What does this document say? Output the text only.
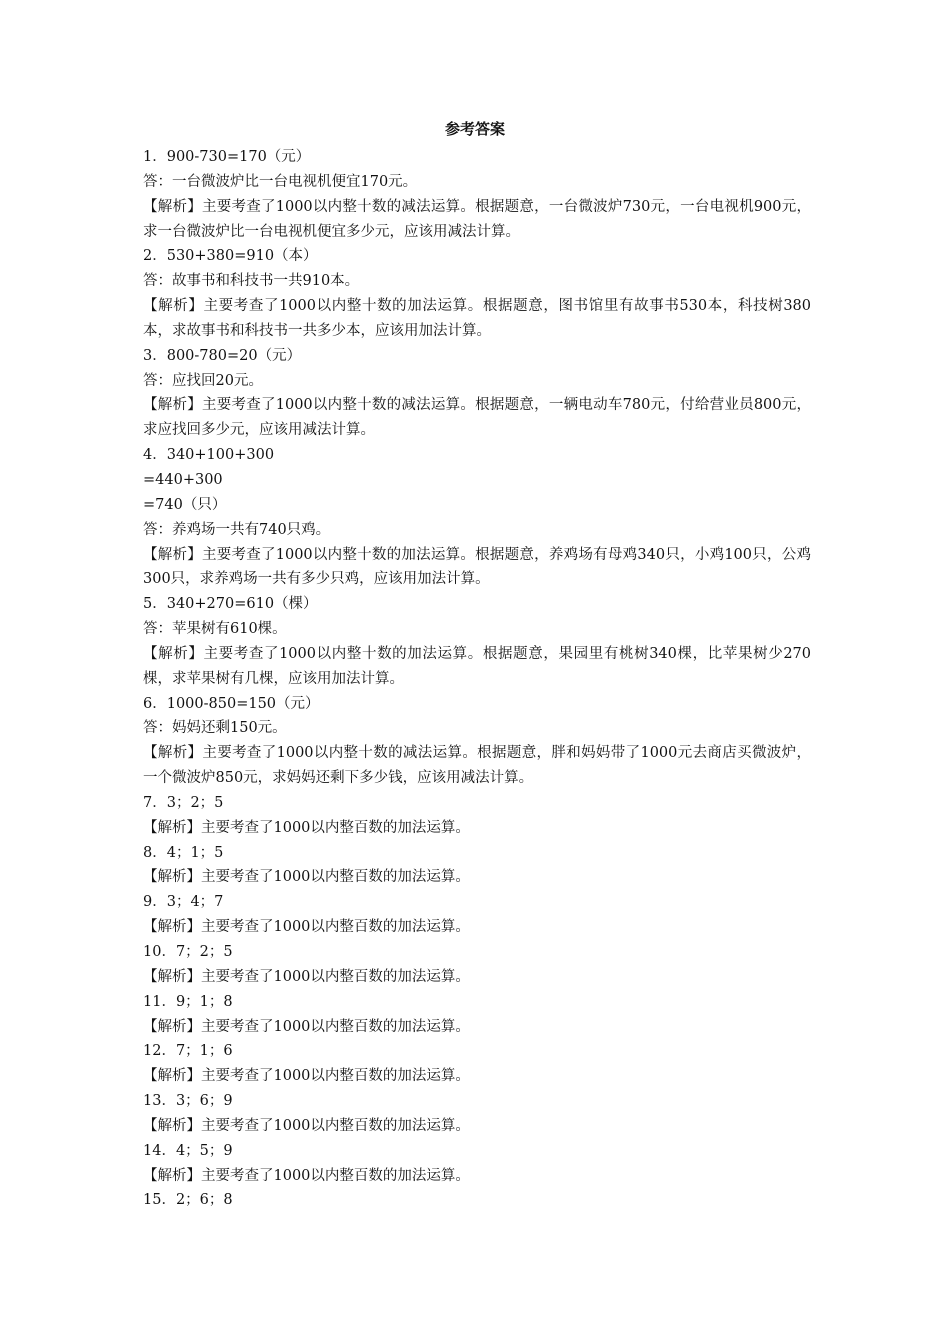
参考答案
1．900-730=170（元）
答：一台微波炉比一台电视机便宜170元。
【解析】主要考查了1000以内整十数的减法运算。根据题意，一台微波炉730元，一台电视机900元，求一台微波炉比一台电视机便宜多少元，应该用减法计算。
2．530+380=910（本）
答：故事书和科技书一共910本。
【解析】主要考查了1000以内整十数的加法运算。根据题意，图书馆里有故事书530本，科技树380本，求故事书和科技书一共多少本，应该用加法计算。
3．800-780=20（元）
答：应找回20元。
【解析】主要考查了1000以内整十数的减法运算。根据题意，一辆电动车780元，付给营业员800元，求应找回多少元，应该用减法计算。
4．340+100+300
=440+300
=740（只）
答：养鸡场一共有740只鸡。
【解析】主要考查了1000以内整十数的加法运算。根据题意，养鸡场有母鸡340只，小鸡100只，公鸡300只，求养鸡场一共有多少只鸡，应该用加法计算。
5．340+270=610（棵）
答：苹果树有610棵。
【解析】主要考查了1000以内整十数的加法运算。根据题意，果园里有桃树340棵，比苹果树少270棵，求苹果树有几棵，应该用加法计算。
6．1000-850=150（元）
答：妈妈还剩150元。
【解析】主要考查了1000以内整十数的减法运算。根据题意，胖和妈妈带了1000元去商店买微波炉，一个微波炉850元，求妈妈还剩下多少钱，应该用减法计算。
7．3；2；5
【解析】主要考查了1000以内整百数的加法运算。
8．4；1；5
【解析】主要考查了1000以内整百数的加法运算。
9．3；4；7
【解析】主要考查了1000以内整百数的加法运算。
10．7；2；5
【解析】主要考查了1000以内整百数的加法运算。
11．9；1；8
【解析】主要考查了1000以内整百数的加法运算。
12．7；1；6
【解析】主要考查了1000以内整百数的加法运算。
13．3；6；9
【解析】主要考查了1000以内整百数的加法运算。
14．4；5；9
【解析】主要考查了1000以内整百数的加法运算。
15．2；6；8
